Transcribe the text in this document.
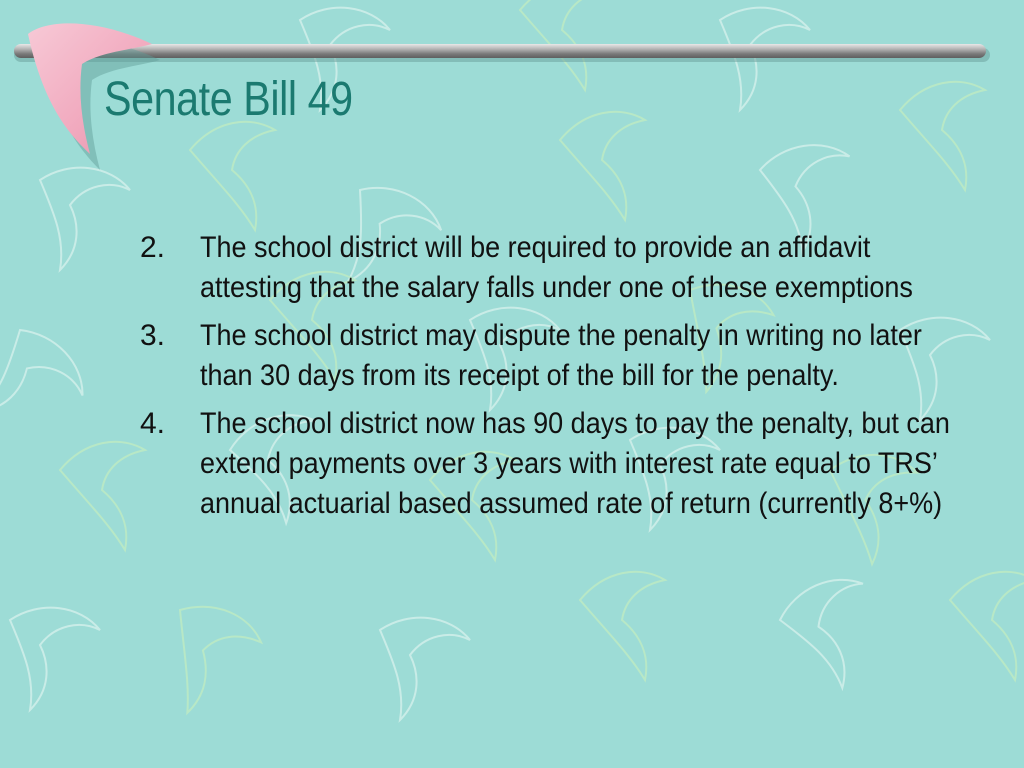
Senate Bill 49
2.	The school district will be required to provide an affidavit attesting that the salary falls under one of these exemptions
3.	The school district may dispute the penalty in writing no later than 30 days from its receipt of the bill for the penalty.
4.	The school district now has 90 days to pay the penalty, but can extend payments over 3 years with interest rate equal to TRS’ annual actuarial based assumed rate of return (currently 8+%)
